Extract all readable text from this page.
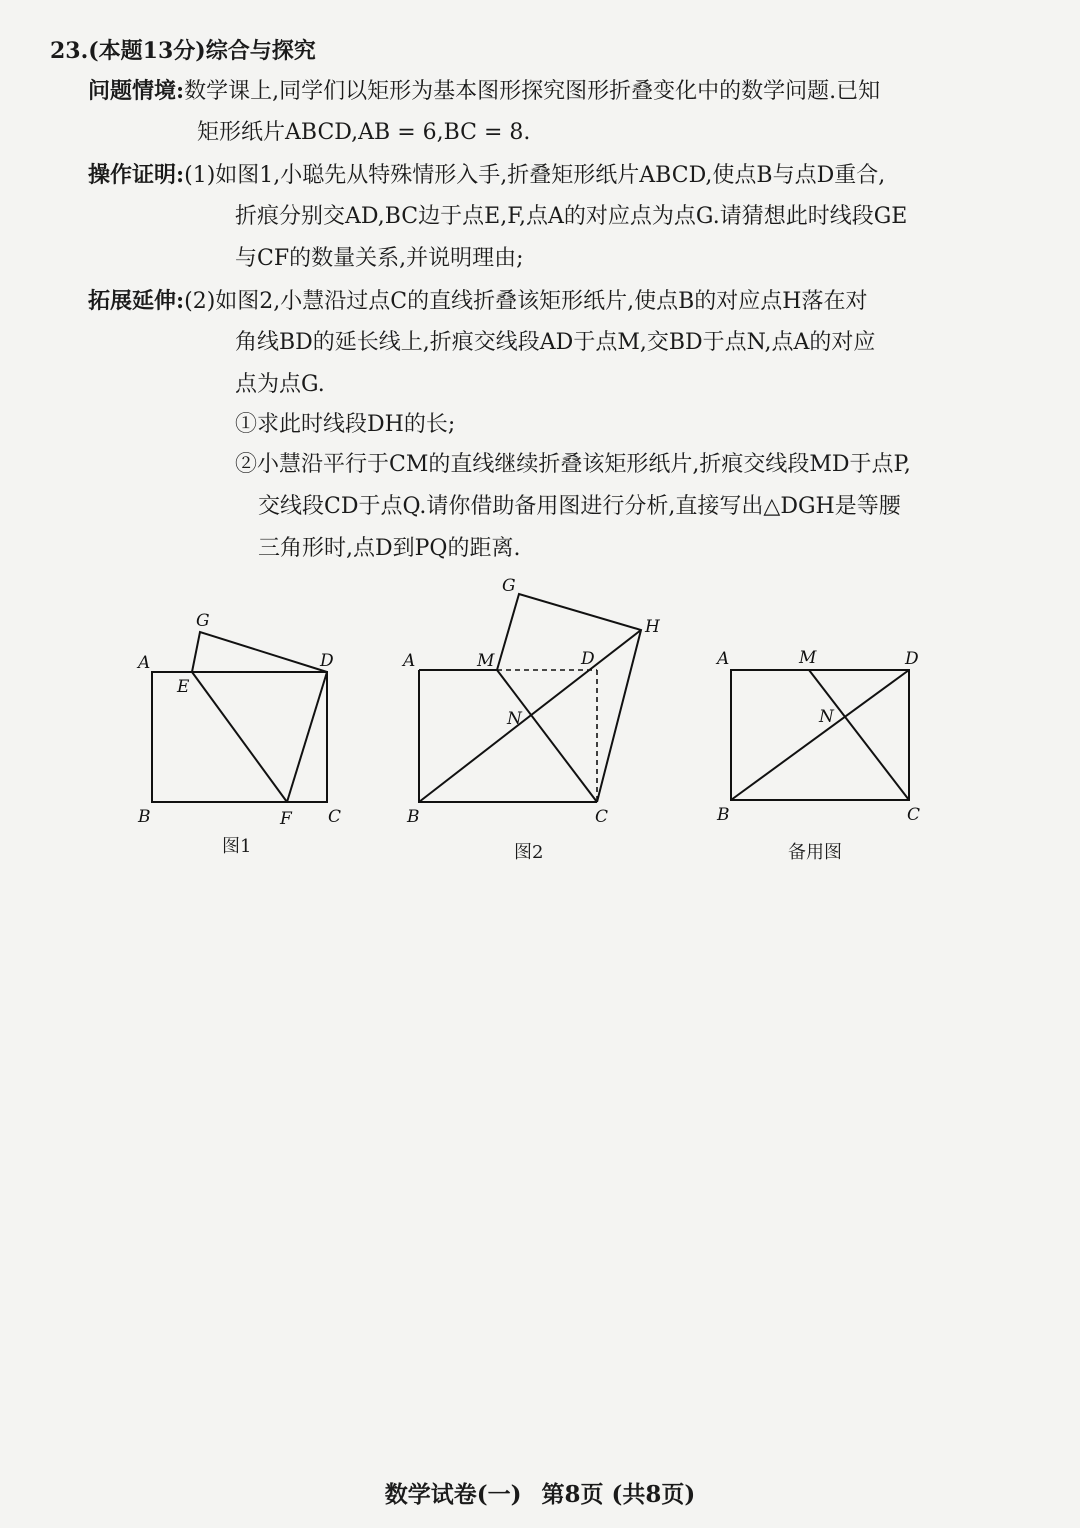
23.(本题13分)综合与探究
问题情境:数学课上,同学们以矩形为基本图形探究图形折叠变化中的数学问题.已知
矩形纸片ABCD,AB = 6,BC = 8.
操作证明:(1)如图1,小聪先从特殊情形入手,折叠矩形纸片ABCD,使点B与点D重合,
折痕分别交AD,BC边于点E,F,点A的对应点为点G.请猜想此时线段GE
与CF的数量关系,并说明理由;
拓展延伸:(2)如图2,小慧沿过点C的直线折叠该矩形纸片,使点B的对应点H落在对
角线BD的延长线上,折痕交线段AD于点M,交BD于点N,点A的对应
点为点G.
①求此时线段DH的长;
②小慧沿平行于CM的直线继续折叠该矩形纸片,折痕交线段MD于点P,
交线段CD于点Q.请你借助备用图进行分析,直接写出△DGH是等腰
三角形时,点D到PQ的距离.
A
E
G
D
B	F C
图1
A	M	D
G
H
N
B	C
图2
A	M	D
N
B	C
备用图
数学试卷(一) 第8页 (共8页)
